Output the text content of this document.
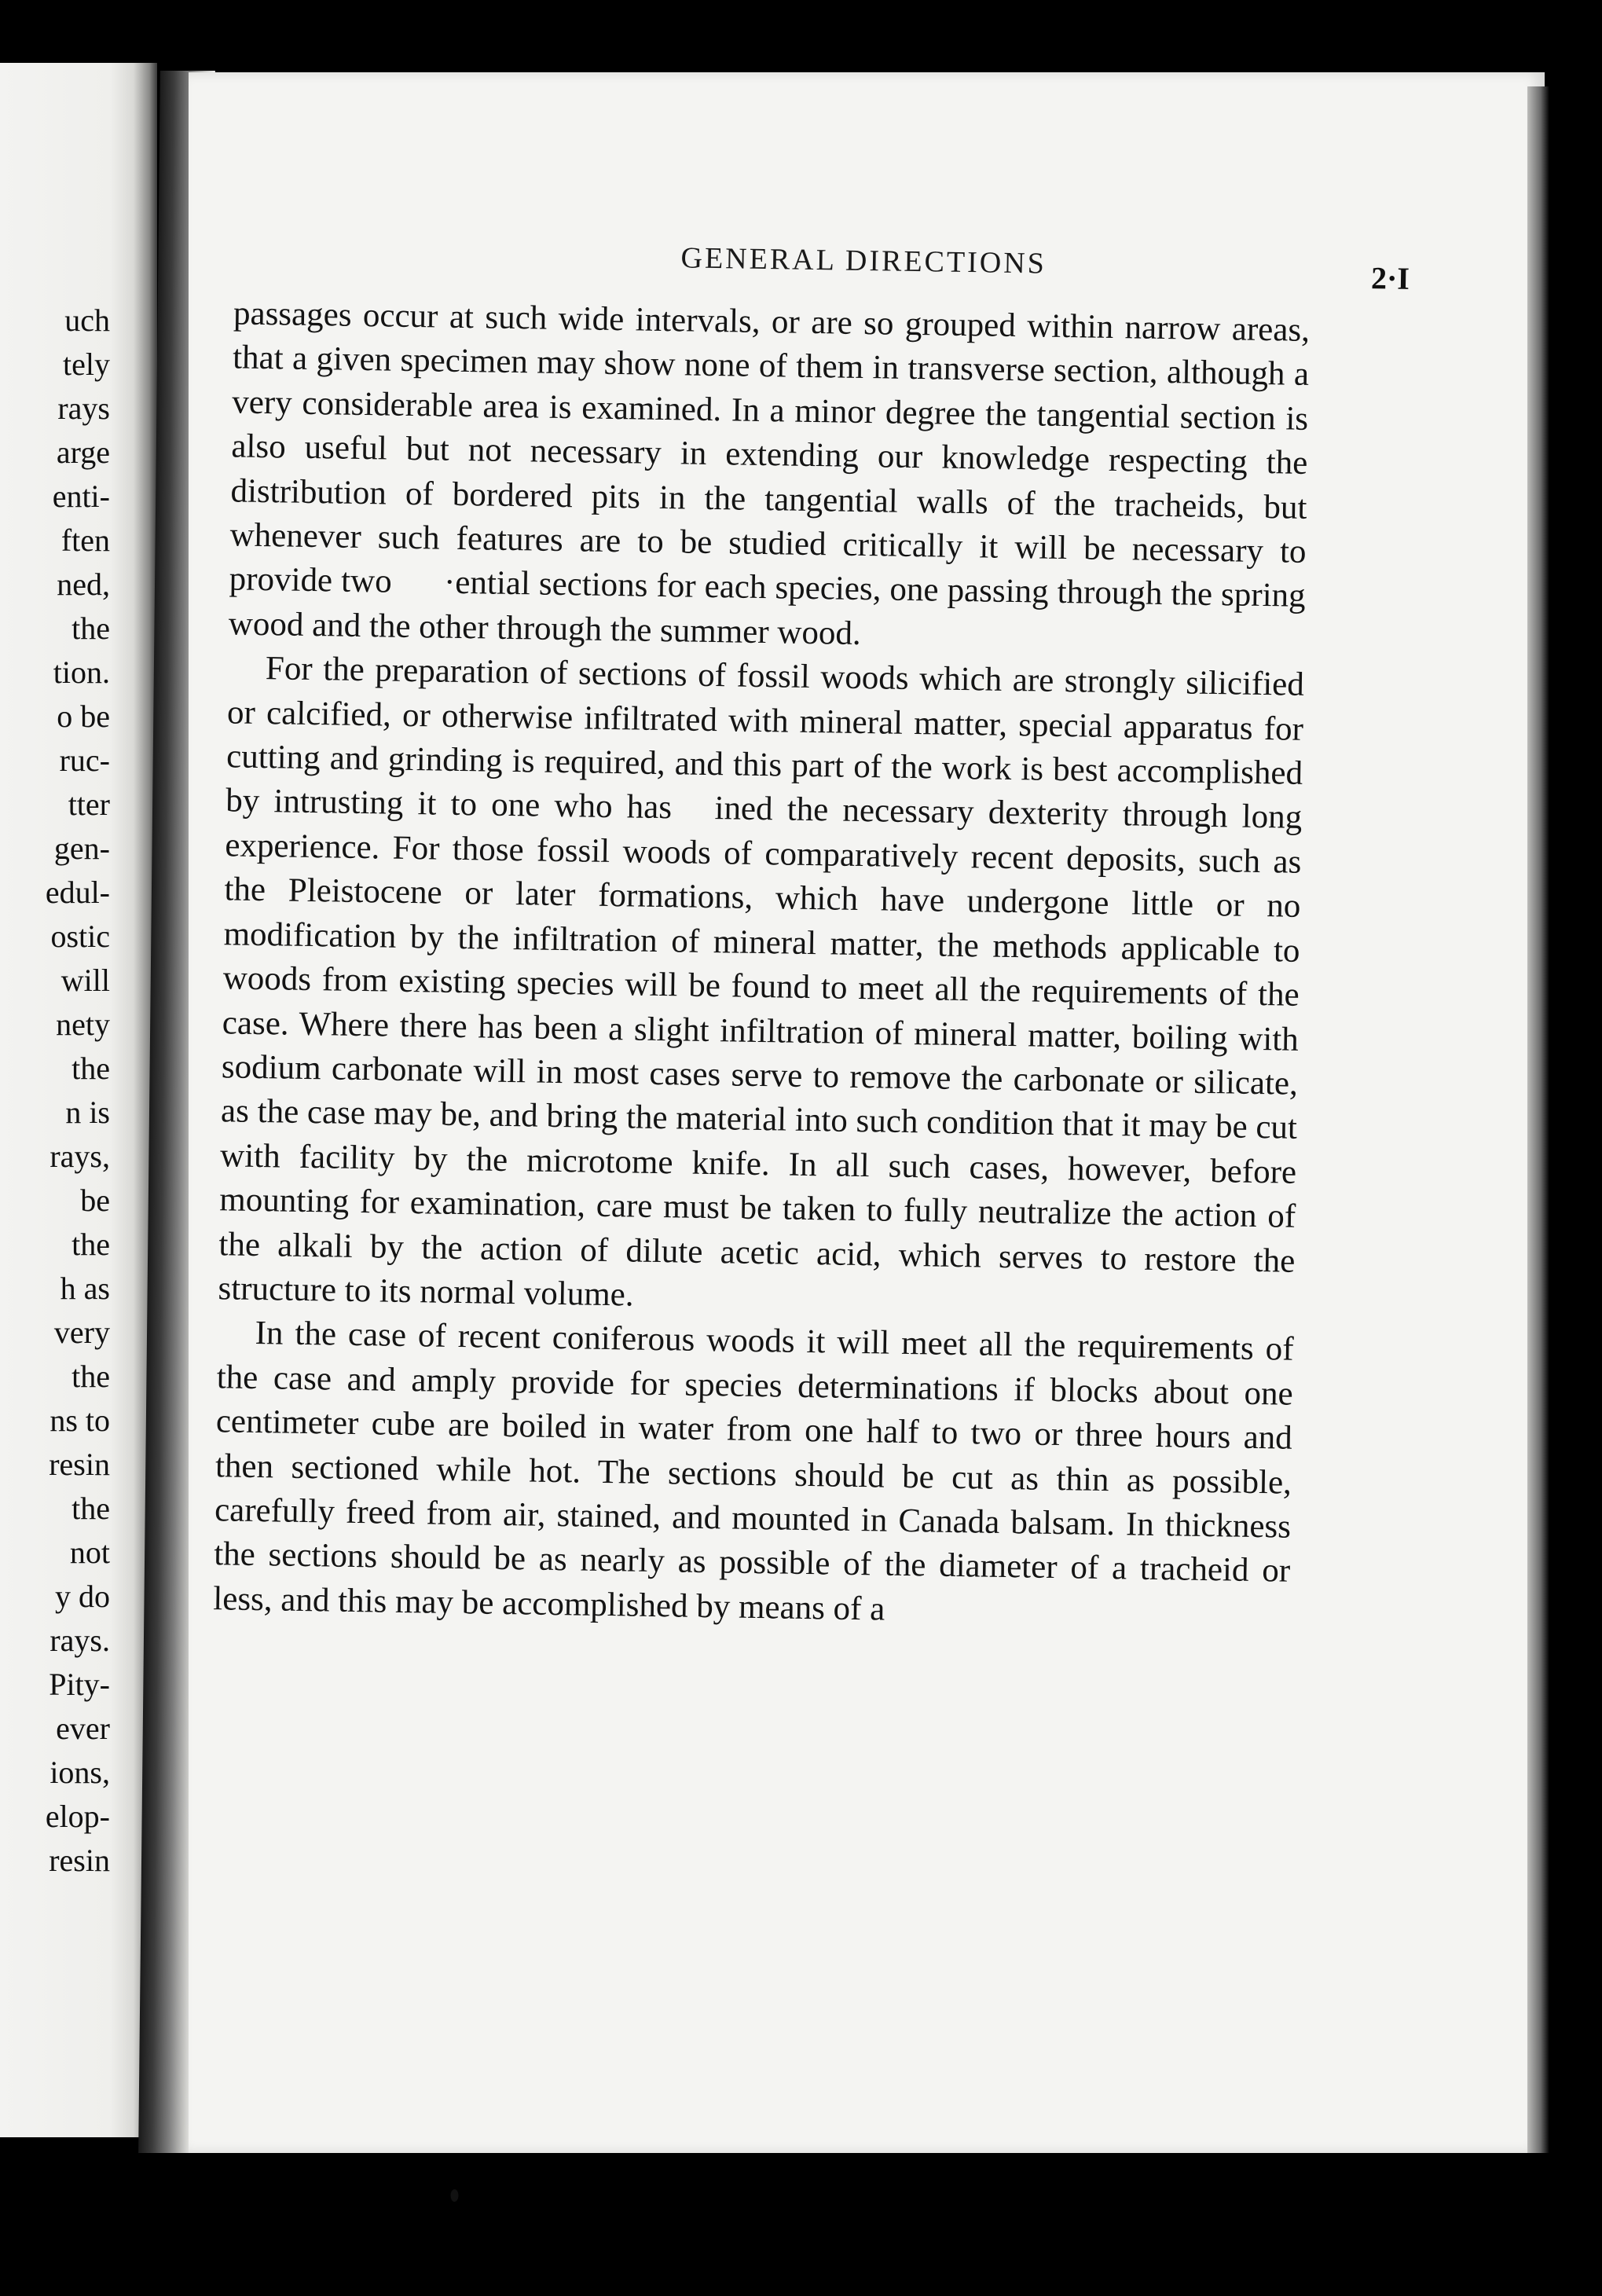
uch
tely
rays
arge
enti-
ften
ned,
the
tion.
o be
ruc-
tter
gen-
edul-
ostic
will
nety
the
n is
rays,
be
the
h as
very
the
ns to
resin
the
not
y do
rays.
Pity-
ever
ions,
elop-
resin
GENERAL DIRECTIONS	2·I

passages occur at such wide intervals, or are so grouped within narrow areas, that a given specimen may show none of them in transverse section, although a very considerable area is examined. In a minor degree the tangential section is also useful but not necessary in extending our knowledge respecting the distribution of bordered pits in the tangential walls of the tracheids, but whenever such features are to be studied critically it will be necessary to provide two      ·ential sections for each species, one passing through the spring wood and the other through the summer wood.

For the preparation of sections of fossil woods which are strongly silicified or calcified, or otherwise infiltrated with mineral matter, special apparatus for cutting and grinding is required, and this part of the work is best accomplished by intrusting it to one who has   ined the necessary dexterity through long experience. For those fossil woods of comparatively recent deposits, such as the Pleistocene or later formations, which have undergone little or no modification by the infiltration of mineral matter, the methods applicable to woods from existing species will be found to meet all the requirements of the case. Where there has been a slight infiltration of mineral matter, boiling with sodium carbonate will in most cases serve to remove the carbonate or silicate, as the case may be, and bring the material into such condition that it may be cut with facility by the microtome knife. In all such cases, however, before mounting for examination, care must be taken to fully neutralize the action of the alkali by the action of dilute acetic acid, which serves to restore the structure to its normal volume.

In the case of recent coniferous woods it will meet all the requirements of the case and amply provide for species determinations if blocks about one centimeter cube are boiled in water from one half to two or three hours and then sectioned while hot. The sections should be cut as thin as possible, carefully freed from air, stained, and mounted in Canada balsam. In thickness the sections should be as nearly as possible of the diameter of a tracheid or less, and this may be accomplished by means of a
